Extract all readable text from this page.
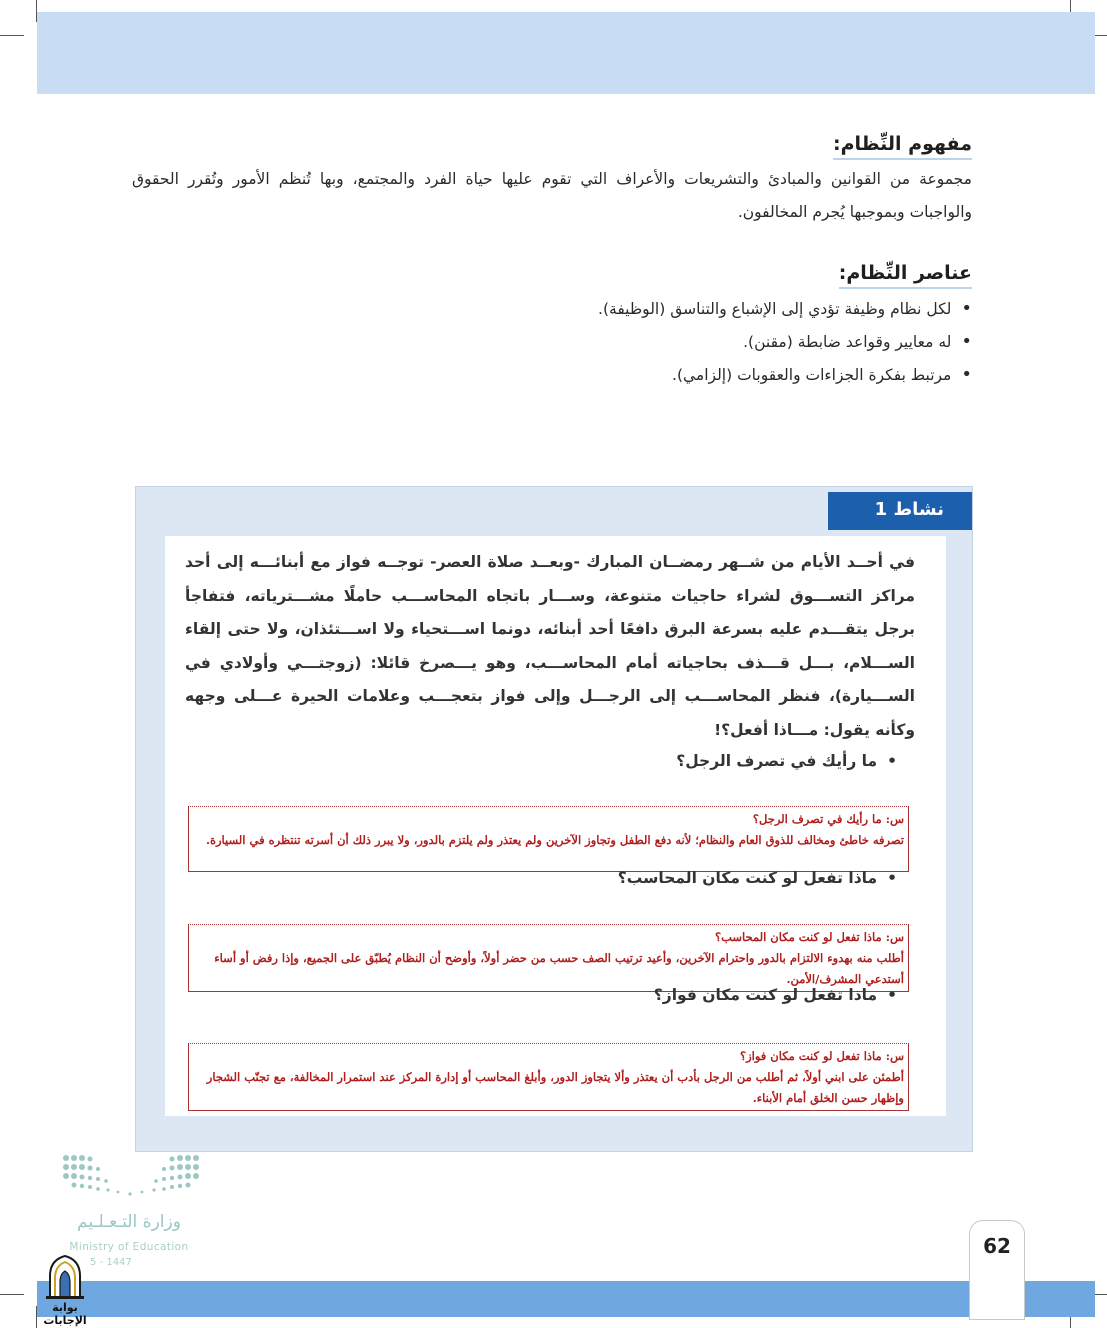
مفهوم النِّظام:

مجموعة من القوانين والمبادئ والتشريعات والأعراف التي تقوم عليها حياة الفرد والمجتمع، وبها تُنظم الأمور وتُقرر الحقوق والواجبات وبموجبها يُجرم المخالفون.

عناصر النِّظام:
• لكل نظام وظيفة تؤدي إلى الإشباع والتناسق (الوظيفة).
• له معايير وقواعد ضابطة (مقنن).
• مرتبط بفكرة الجزاءات والعقوبات (إلزامي).
نشاط 1

في أحــد الأيام من شــهر رمضــان المبارك -وبعــد صلاة العصر- توجــه فواز مع أبنائـــه إلى أحد مراكز التســـوق لشراء حاجيات متنوعة، وســـار باتجاه المحاســـب حاملًا مشـــترياته، فتفاجأ برجل يتقـــدم عليه بسرعة البرق دافعًا أحد أبنائه، دونما اســـتحياء ولا اســـتئذان، ولا حتى إلقاء الســـلام، بـــل قـــذف بحاجياته أمام المحاســـب، وهو يـــصرخ قائلا: (زوجتـــي وأولادي في الســـيارة)، فنظر المحاســـب إلى الرجـــل وإلى فواز بتعجـــب وعلامات الحيرة عـــلى وجهه وكأنه يقول: مـــاذا أفعل؟!

• ما رأيك في تصرف الرجل؟
س: ما رأيك في تصرف الرجل؟
تصرفه خاطئ ومخالف للذوق العام والنظام؛ لأنه دفع الطفل وتجاوز الآخرين ولم يعتذر ولم يلتزم بالدور، ولا يبرر ذلك أن أسرته تنتظره في السيارة.
• ماذا تفعل لو كنت مكان المحاسب؟
س: ماذا تفعل لو كنت مكان المحاسب؟
أطلب منه بهدوء الالتزام بالدور واحترام الآخرين، وأعيد ترتيب الصف حسب من حضر أولاً، وأوضح أن النظام يُطبّق على الجميع، وإذا رفض أو أساء أستدعي المشرف/الأمن.
• ماذا تفعل لو كنت مكان فواز؟
س: ماذا تفعل لو كنت مكان فواز؟
أطمئن على ابني أولاً، ثم أطلب من الرجل بأدب أن يعتذر وألا يتجاوز الدور، وأبلغ المحاسب أو إدارة المركز عند استمرار المخالفة، مع تجنّب الشجار وإظهار حسن الخلق أمام الأبناء.
وزارة التـعـلـيم
Ministry of Education
5 - 1447
62
بوابة الإجابات
